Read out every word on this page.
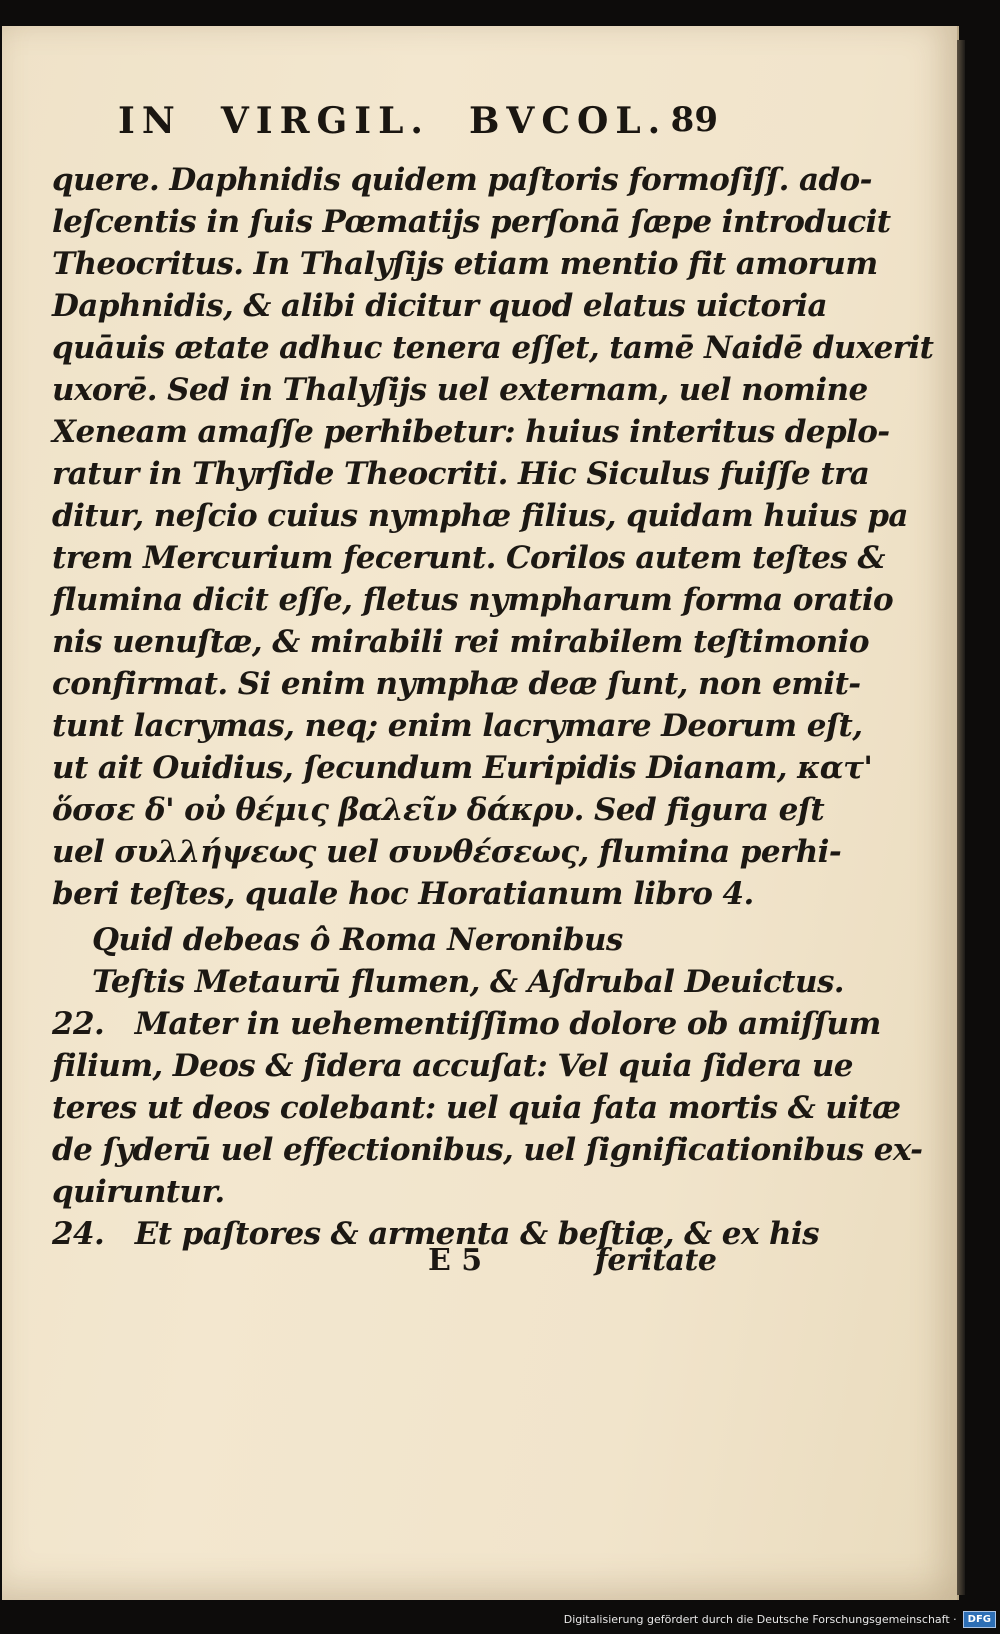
IN  VIRGIL.  BVCOL. 89
quere. Daphnidis quidem paſtoris formoſiſſ. ado-
leſcentis in ſuis Pœmatijs perſonā ſæpe introducit
Theocritus. In Thalyſijs etiam mentio fit amorum
Daphnidis, & alibi dicitur quod elatus uictoria
quāuis ætate adhuc tenera eſſet, tamē Naidē duxerit
uxorē. Sed in Thalyſijs uel externam, uel nomine
Xeneam amaſſe perhibetur: huius interitus deplo-
ratur in Thyrſide Theocriti. Hic Siculus fuiſſe tra
ditur, neſcio cuius nymphæ filius, quidam huius pa
trem Mercurium fecerunt. Corilos autem teſtes &
flumina dicit eſſe, fletus nympharum forma oratio
nis uenuſtæ, & mirabili rei mirabilem teſtimonio
confirmat. Si enim nymphæ deæ ſunt, non emit-
tunt lacrymas, neq; enim lacrymare Deorum eſt,
ut ait Ouidius, ſecundum Euripidis Dianam, κατ'
ὅσσε δ' οὐ θέμις βαλεῖν δάκρυ. Sed figura eſt
uel συλλήψεως uel συνθέσεως, flumina perhi-
beri teſtes, quale hoc Horatianum libro 4.
Quid debeas ô Roma Neronibus
Teſtis Metaurū flumen, & Aſdrubal Deuictus.
22.   Mater in uehementiſſimo dolore ob amiſſum
filium, Deos & ſidera accuſat: Vel quia ſidera ue
teres ut deos colebant: uel quia fata mortis & uitæ
de ſyderū uel effectionibus, uel ſignificationibus ex-
quiruntur.
24.   Et paſtores & armenta & beſtiæ, & ex his
E 5	feritate
Digitalisierung gefördert durch die Deutsche Forschungsgemeinschaft ·	DFG
